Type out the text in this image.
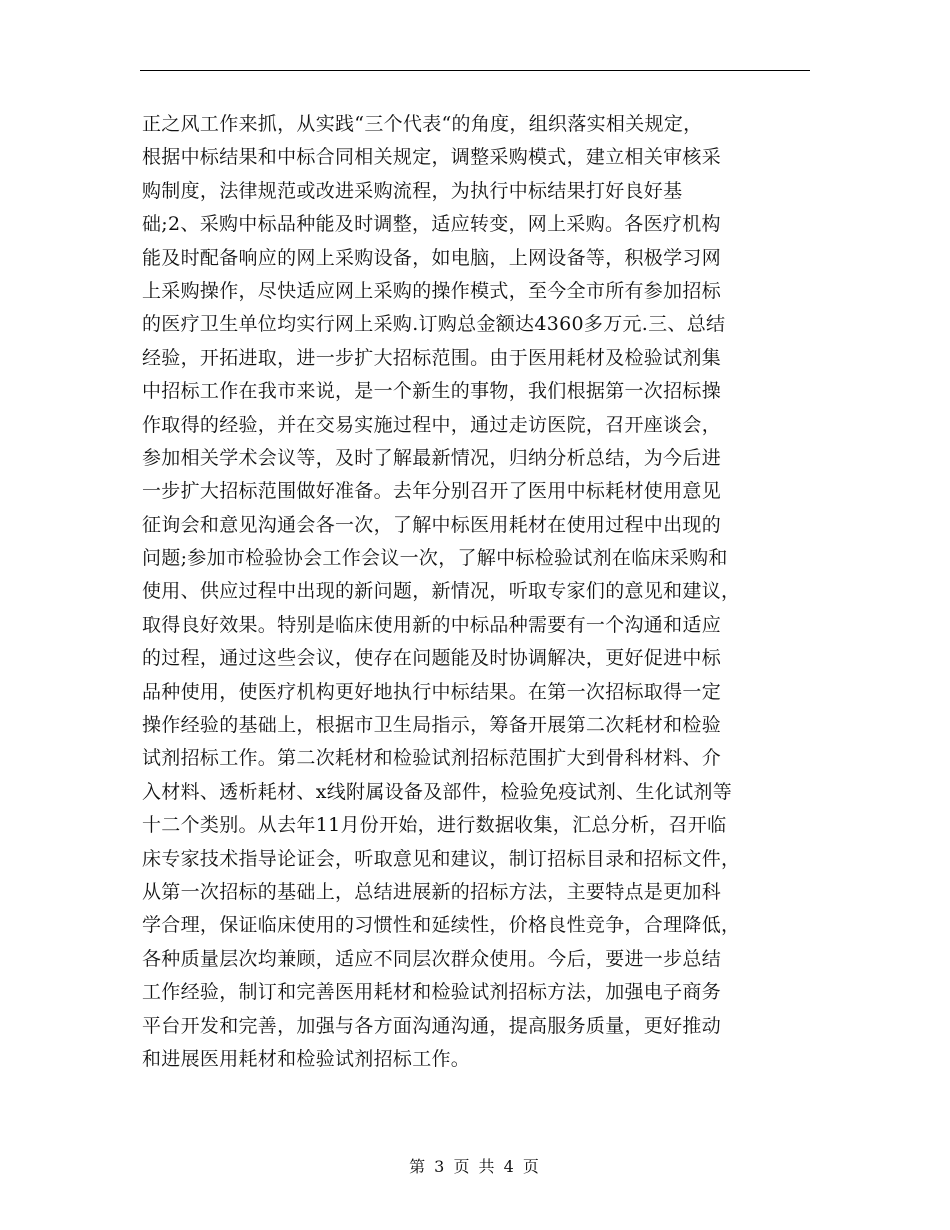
正之风工作来抓，从实践“三个代表“的角度，组织落实相关规定，
根据中标结果和中标合同相关规定，调整采购模式，建立相关审核采
购制度，法律规范或改进采购流程，为执行中标结果打好良好基
础;2、采购中标品种能及时调整，适应转变，网上采购。各医疗机构
能及时配备响应的网上采购设备，如电脑，上网设备等，积极学习网
上采购操作，尽快适应网上采购的操作模式，至今全市所有参加招标
的医疗卫生单位均实行网上采购.订购总金额达4360多万元.三、总结
经验，开拓进取，进一步扩大招标范围。由于医用耗材及检验试剂集
中招标工作在我市来说，是一个新生的事物，我们根据第一次招标操
作取得的经验，并在交易实施过程中，通过走访医院，召开座谈会，
参加相关学术会议等，及时了解最新情况，归纳分析总结，为今后进
一步扩大招标范围做好准备。去年分别召开了医用中标耗材使用意见
征询会和意见沟通会各一次，了解中标医用耗材在使用过程中出现的
问题;参加市检验协会工作会议一次，了解中标检验试剂在临床采购和
使用、供应过程中出现的新问题，新情况，听取专家们的意见和建议，
取得良好效果。特别是临床使用新的中标品种需要有一个沟通和适应
的过程，通过这些会议，使存在问题能及时协调解决，更好促进中标
品种使用，使医疗机构更好地执行中标结果。在第一次招标取得一定
操作经验的基础上，根据市卫生局指示，筹备开展第二次耗材和检验
试剂招标工作。第二次耗材和检验试剂招标范围扩大到骨科材料、介
入材料、透析耗材、x线附属设备及部件，检验免疫试剂、生化试剂等
十二个类别。从去年11月份开始，进行数据收集，汇总分析，召开临
床专家技术指导论证会，听取意见和建议，制订招标目录和招标文件，
从第一次招标的基础上，总结进展新的招标方法，主要特点是更加科
学合理，保证临床使用的习惯性和延续性，价格良性竞争，合理降低，
各种质量层次均兼顾，适应不同层次群众使用。今后，要进一步总结
工作经验，制订和完善医用耗材和检验试剂招标方法，加强电子商务
平台开发和完善，加强与各方面沟通沟通，提高服务质量，更好推动
和进展医用耗材和检验试剂招标工作。
第 3 页 共 4 页
